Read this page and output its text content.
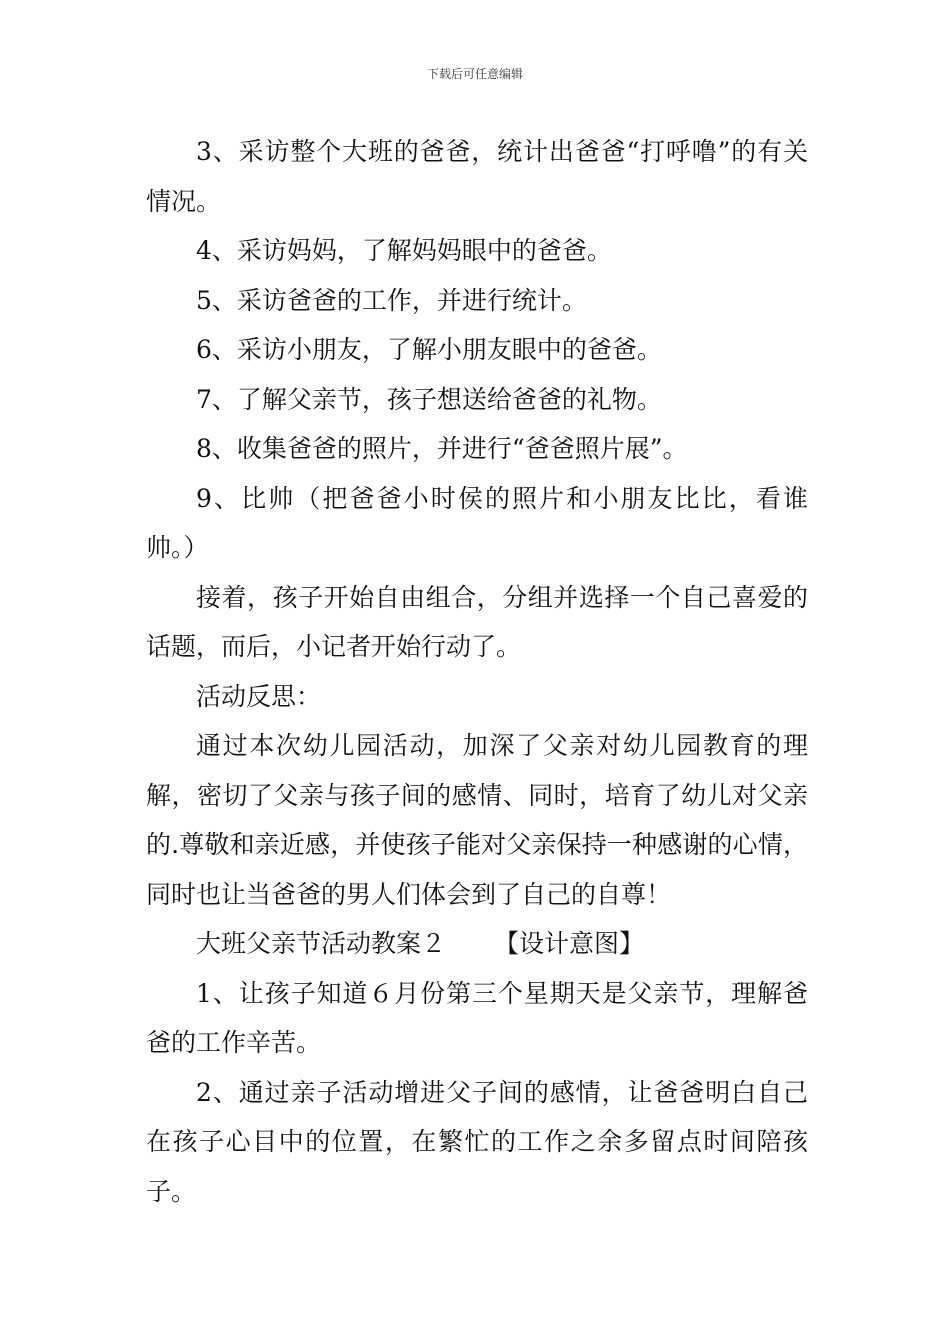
下载后可任意编辑

3、采访整个大班的爸爸，统计出爸爸“打呼噜”的有关情况。

4、采访妈妈，了解妈妈眼中的爸爸。

5、采访爸爸的工作，并进行统计。

6、采访小朋友，了解小朋友眼中的爸爸。

7、了解父亲节，孩子想送给爸爸的礼物。

8、收集爸爸的照片，并进行“爸爸照片展”。

9、比帅（把爸爸小时侯的照片和小朋友比比，看谁帅。）

接着，孩子开始自由组合，分组并选择一个自己喜爱的话题，而后，小记者开始行动了。

活动反思：

通过本次幼儿园活动，加深了父亲对幼儿园教育的理解，密切了父亲与孩子间的感情、同时，培育了幼儿对父亲的.尊敬和亲近感，并使孩子能对父亲保持一种感谢的心情，同时也让当爸爸的男人们体会到了自己的自尊！

大班父亲节活动教案２ 【设计意图】

1、让孩子知道６月份第三个星期天是父亲节，理解爸爸的工作辛苦。

2、通过亲子活动增进父子间的感情，让爸爸明白自己在孩子心目中的位置，在繁忙的工作之余多留点时间陪孩子。
